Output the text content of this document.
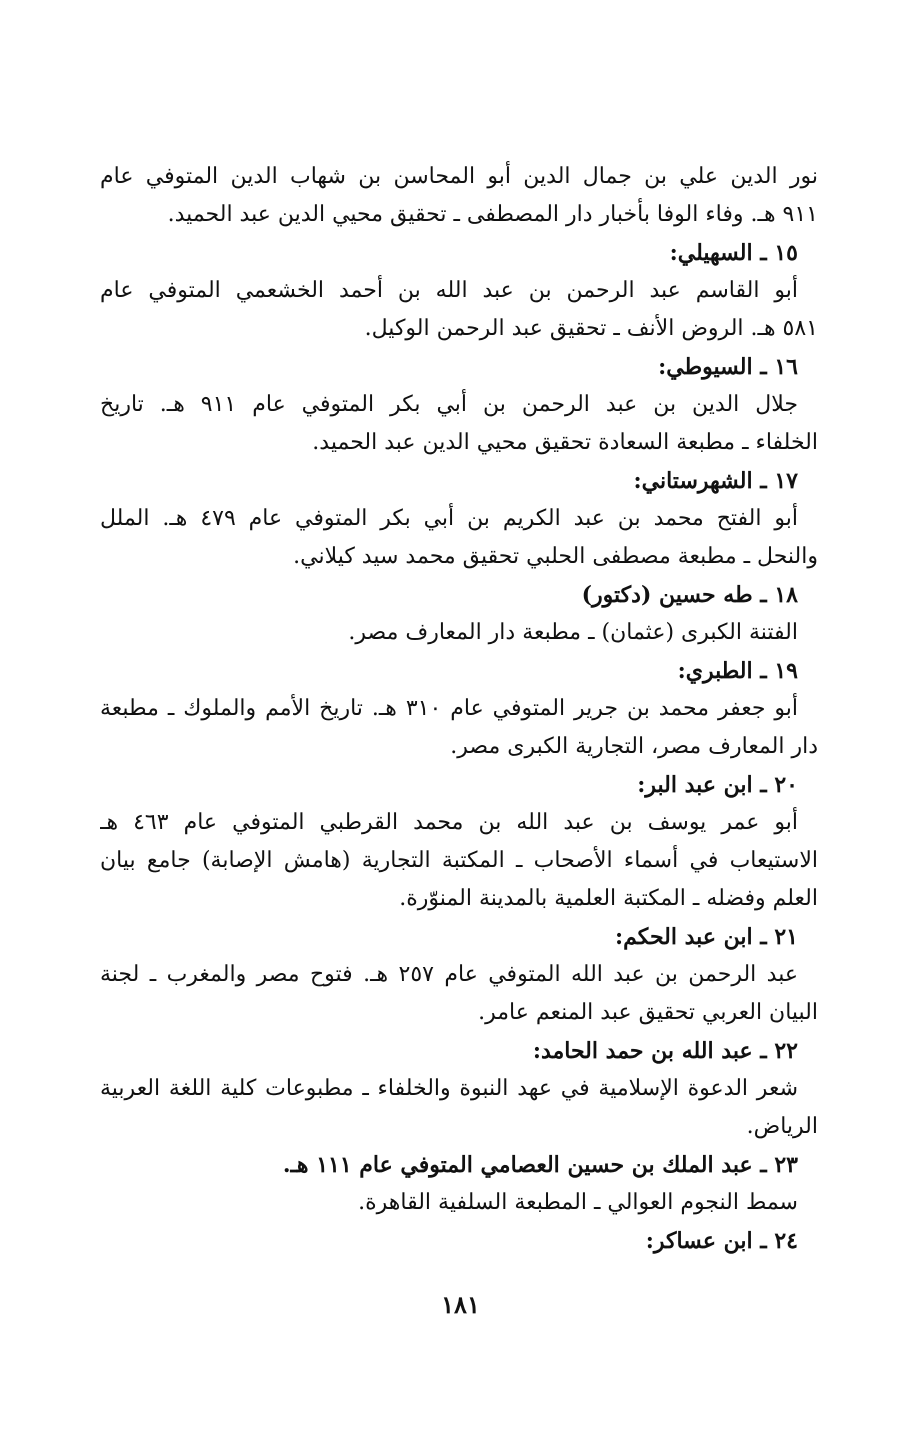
نور الدين علي بن جمال الدين أبو المحاسن بن شهاب الدين المتوفي عام
٩١١ هـ. وفاء الوفا بأخبار دار المصطفى ـ تحقيق محيي الدين عبد الحميد.
١٥ ـ السهيلي:
أبو القاسم عبد الرحمن بن عبد الله بن أحمد الخشعمي المتوفي عام
٥٨١ هـ. الروض الأنف ـ تحقيق عبد الرحمن الوكيل.
١٦ ـ السيوطي:
جلال الدين بن عبد الرحمن بن أبي بكر المتوفي عام ٩١١ هـ. تاريخ
الخلفاء ـ مطبعة السعادة تحقيق محيي الدين عبد الحميد.
١٧ ـ الشهرستاني:
أبو الفتح محمد بن عبد الكريم بن أبي بكر المتوفي عام ٤٧٩ هـ. الملل
والنحل ـ مطبعة مصطفى الحلبي تحقيق محمد سيد كيلاني.
١٨ ـ طه حسين (دكتور)
الفتنة الكبرى (عثمان) ـ مطبعة دار المعارف مصر.
١٩ ـ الطبري:
أبو جعفر محمد بن جرير المتوفي عام ٣١٠ هـ. تاريخ الأمم والملوك ـ مطبعة
دار المعارف مصر، التجارية الكبرى مصر.
٢٠ ـ ابن عبد البر:
أبو عمر يوسف بن عبد الله بن محمد القرطبي المتوفي عام ٤٦٣ هـ
الاستيعاب في أسماء الأصحاب ـ المكتبة التجارية (هامش الإصابة) جامع بيان
العلم وفضله ـ المكتبة العلمية بالمدينة المنوّرة.
٢١ ـ ابن عبد الحكم:
عبد الرحمن بن عبد الله المتوفي عام ٢٥٧ هـ. فتوح مصر والمغرب ـ لجنة
البيان العربي تحقيق عبد المنعم عامر.
٢٢ ـ عبد الله بن حمد الحامد:
شعر الدعوة الإسلامية في عهد النبوة والخلفاء ـ مطبوعات كلية اللغة العربية
الرياض.
٢٣ ـ عبد الملك بن حسين العصامي المتوفي عام ١١١ هـ.
سمط النجوم العوالي ـ المطبعة السلفية القاهرة.
٢٤ ـ ابن عساكر:
١٨١
